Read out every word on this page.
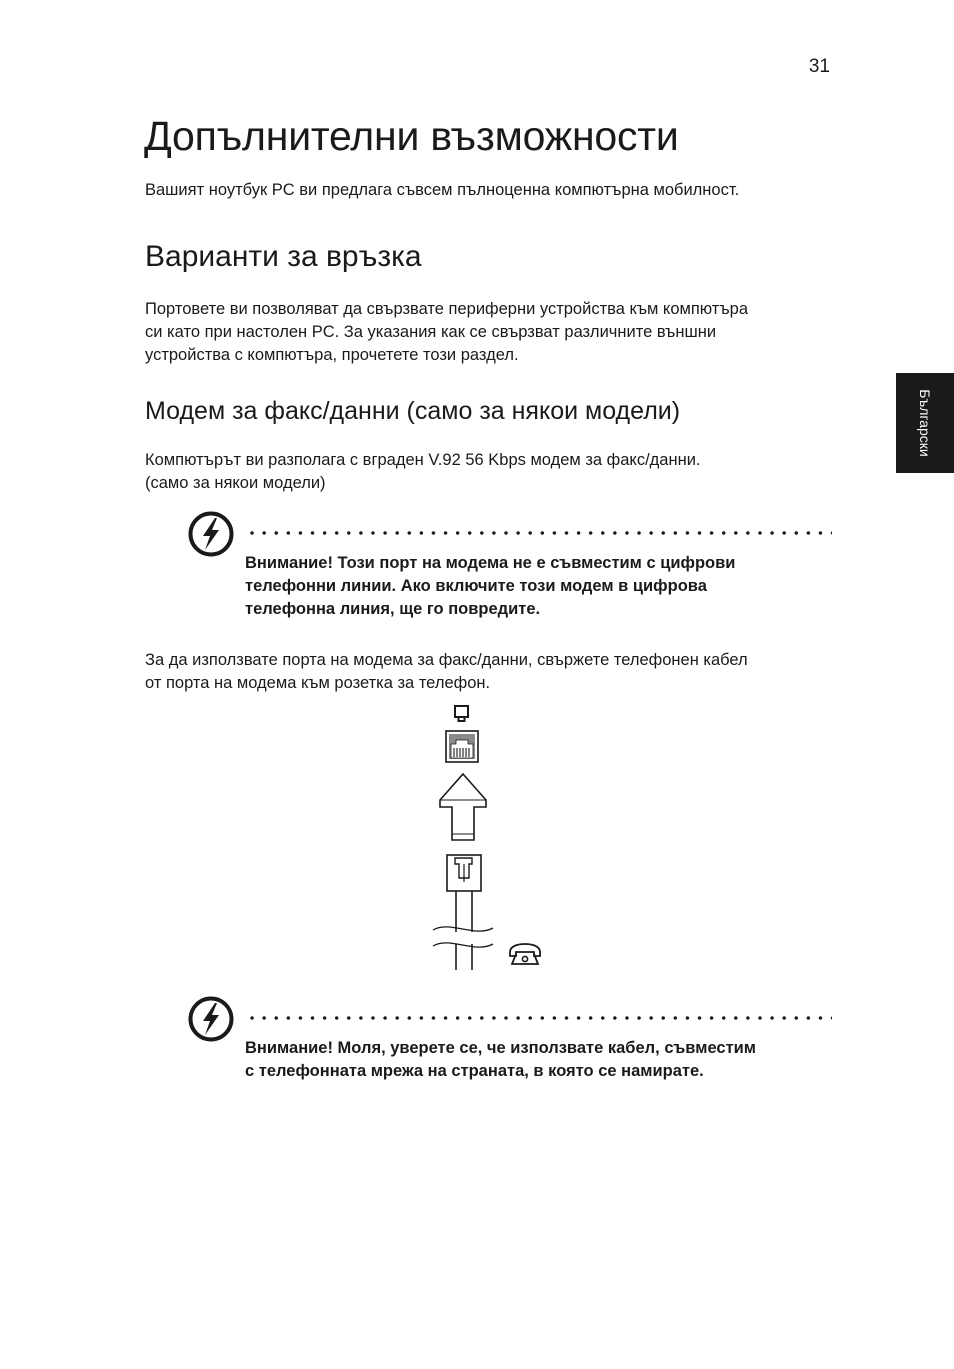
31
Допълнителни възможности

Вашият ноутбук PC ви предлага съвсем пълноценна компютърна мобилност.

Варианти за връзка

Портовете ви позволяват да свързвате периферни устройства към компютъра
си като при настолен PC. За указания как се свързват различните външни
устройства с компютъра, прочетете този раздел.

Модем за факс/данни (само за някои модели)

Компютърът ви разполага с вграден V.92 56 Kbps модем за факс/данни.
(само за някои модели)

Внимание! Този порт на модема не е съвместим с цифрови
телефонни линии. Ако включите този модем в цифрова
телефонна линия, ще го повредите.

За да използвате порта на модема за факс/данни, свържете телефонен кабел
от порта на модема към розетка за телефон.

Внимание! Моля, уверете се, че използвате кабел, съвместим
с телефонната мрежа на страната, в която се намирате.

Български
